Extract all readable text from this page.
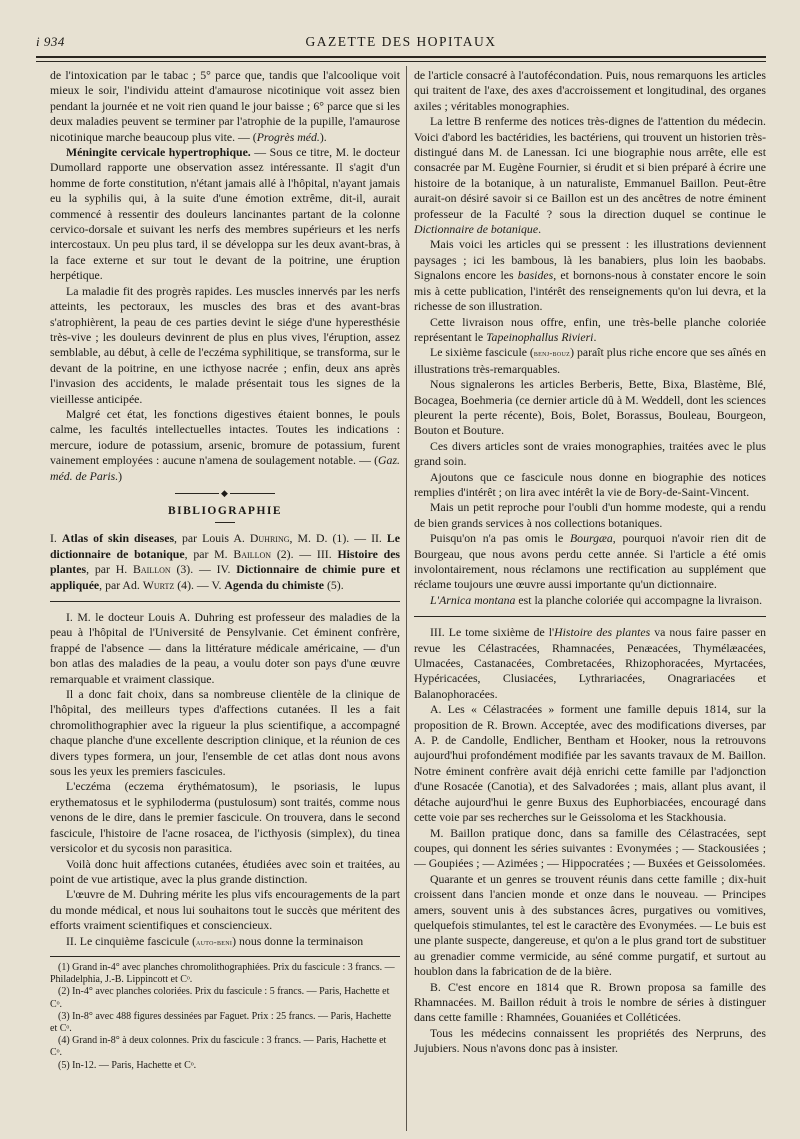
i 934	GAZETTE DES HOPITAUX

de l'intoxication par le tabac ; 5° parce que, tandis que l'alcoolique voit mieux le soir, l'individu atteint d'amaurose nicotinique voit assez bien pendant la journée et ne voit rien quand le jour baisse ; 6° parce que si les deux maladies peuvent se terminer par l'atrophie de la pupille, l'amaurose nicotinique marche beaucoup plus vite. — (Progrès méd.).

Méningite cervicale hypertrophique. — Sous ce titre, M. le docteur Dumollard rapporte une observation assez intéressante. Il s'agit d'un homme de forte constitution, n'étant jamais allé à l'hôpital, n'ayant jamais eu la syphilis qui, à la suite d'une émotion extrême, dit-il, aurait commencé à ressentir des douleurs lancinantes partant de la colonne cervico-dorsale et suivant les nerfs des membres supérieurs et les nerfs intercostaux. Un peu plus tard, il se développa sur les deux avant-bras, à la face externe et sur tout le devant de la poitrine, une éruption herpétique.

La maladie fit des progrès rapides. Les muscles innervés par les nerfs atteints, les pectoraux, les muscles des bras et des avant-bras s'atrophièrent, la peau de ces parties devint le siége d'une hyperesthésie très-vive ; les douleurs devinrent de plus en plus vives, l'éruption, assez semblable, au début, à celle de l'eczéma syphilitique, se transforma, sur le devant de la poitrine, en une icthyose nacrée ; enfin, deux ans après l'invasion des accidents, le malade présentait tous les signes de la vieillesse anticipée.

Malgré cet état, les fonctions digestives étaient bonnes, le pouls calme, les facultés intellectuelles intactes. Toutes les indications : mercure, iodure de potassium, arsenic, bromure de potassium, furent vainement employées : aucune n'amena de soulagement notable. — (Gaz. méd. de Paris.)

◆
BIBLIOGRAPHIE

I. Atlas of skin diseases, par Louis A. Duhring, M. D. (1). — II. Le dictionnaire de botanique, par M. Baillon (2). — III. Histoire des plantes, par H. Baillon (3). — IV. Dictionnaire de chimie pure et appliquée, par Ad. Wurtz (4). — V. Agenda du chimiste (5).

I. M. le docteur Louis A. Duhring est professeur des maladies de la peau à l'hôpital de l'Université de Pensylvanie. Cet éminent confrère, frappé de l'absence — dans la littérature médicale américaine, — d'un bon atlas des maladies de la peau, a voulu doter son pays d'une œuvre remarquable et vraiment classique.

Il a donc fait choix, dans sa nombreuse clientèle de la clinique de l'hôpital, des meilleurs types d'affections cutanées. Il les a fait chromolithographier avec la rigueur la plus scientifique, a accompagné chaque planche d'une excellente description clinique, et la réunion de ces divers types formera, un jour, l'ensemble de cet atlas dont nous avons sous les yeux les premiers fascicules.

L'eczéma (eczema érythématosum), le psoriasis, le lupus erythematosus et le syphiloderma (pustulosum) sont traités, comme nous venons de le dire, dans le premier fascicule. On trouvera, dans le second fascicule, l'histoire de l'acne rosacea, de l'icthyosis (simplex), du tinea versicolor et du sycosis non parasitica.

Voilà donc huit affections cutanées, étudiées avec soin et traitées, au point de vue artistique, avec la plus grande distinction.

L'œuvre de M. Duhring mérite les plus vifs encouragements de la part du monde médical, et nous lui souhaitons tout le succès que méritent des efforts vraiment scientifiques et consciencieux.

II. Le cinquième fascicule (auto-beni) nous donne la terminaison

(1) Grand in-4° avec planches chromolithographiées. Prix du fascicule : 3 francs. — Philadelphia, J.-B. Lippincott et Cᵒ.

(2) In-4° avec planches coloriées. Prix du fascicule : 5 francs. — Paris, Hachette et Cᵒ.

(3) In-8° avec 488 figures dessinées par Faguet. Prix : 25 francs. — Paris, Hachette et Cᵒ.

(4) Grand in-8° à deux colonnes. Prix du fascicule : 3 francs. — Paris, Hachette et Cᵒ.

(5) In-12. — Paris, Hachette et Cᵒ.

de l'article consacré à l'autofécondation. Puis, nous remarquons les articles qui traitent de l'axe, des axes d'accroissement et longitudinal, des organes axiles ; véritables monographies.

La lettre B renferme des notices très-dignes de l'attention du médecin. Voici d'abord les bactéridies, les bactériens, qui trouvent un historien très-distingué dans M. de Lanessan. Ici une biographie nous arrête, elle est consacrée par M. Eugène Fournier, si érudit et si bien préparé à écrire une histoire de la botanique, à un naturaliste, Emmanuel Baillon. Peut-être aurait-on désiré savoir si ce Baillon est un des ancêtres de notre éminent professeur de la Faculté ? sous la direction duquel se continue le Dictionnaire de botanique.

Mais voici les articles qui se pressent : les illustrations deviennent paysages ; ici les bambous, là les banabiers, plus loin les baobabs. Signalons encore les basides, et bornons-nous à constater encore le soin mis à cette publication, l'intérêt des renseignements qu'on lui devra, et la richesse de son illustration.

Cette livraison nous offre, enfin, une très-belle planche coloriée représentant le Tapeinophallus Rivieri.

Le sixième fascicule (benj-bouz) paraît plus riche encore que ses aînés en illustrations très-remarquables.

Nous signalerons les articles Berberis, Bette, Bixa, Blastème, Blé, Bocagea, Boehmeria (ce dernier article dû à M. Weddell, dont les sciences pleurent la perte récente), Bois, Bolet, Borassus, Bouleau, Bourgeon, Bouton et Bouture.

Ces divers articles sont de vraies monographies, traitées avec le plus grand soin.

Ajoutons que ce fascicule nous donne en biographie des notices remplies d'intérêt ; on lira avec intérêt la vie de Bory-de-Saint-Vincent.

Mais un petit reproche pour l'oubli d'un homme modeste, qui a rendu de bien grands services à nos collections botaniques.

Puisqu'on n'a pas omis le Bourgæa, pourquoi n'avoir rien dit de Bourgeau, que nous avons perdu cette année. Si l'article a été omis involontairement, nous réclamons une rectification au supplément que réclame toujours une œuvre aussi importante qu'un dictionnaire.

L'Arnica montana est la planche coloriée qui accompagne la livraison.

III. Le tome sixième de l'Histoire des plantes va nous faire passer en revue les Célastracées, Rhamnacées, Penæacées, Thymélæacées, Ulmacées, Castanacées, Combretacées, Rhizophoracées, Myrtacées, Hypéricacées, Clusiacées, Lythrariacées, Onagrariacées et Balanophoracées.

A. Les « Célastracées » forment une famille depuis 1814, sur la proposition de R. Brown. Acceptée, avec des modifications diverses, par A. P. de Candolle, Endlicher, Bentham et Hooker, nous la retrouvons aujourd'hui profondément modifiée par les savants travaux de M. Baillon. Notre éminent confrère avait déjà enrichi cette famille par l'adjonction d'une Rosacée (Canotia), et des Salvadorées ; mais, allant plus avant, il détache aujourd'hui le genre Buxus des Euphorbiacées, encouragé dans cette voie par ses recherches sur le Geissoloma et les Stackhousia.

M. Baillon pratique donc, dans sa famille des Célastracées, sept coupes, qui donnent les séries suivantes : Evonymées ; — Stackousiées ; — Goupiées ; — Azimées ; — Hippocratées ; — Buxées et Geissolomées.

Quarante et un genres se trouvent réunis dans cette famille ; dix-huit croissent dans l'ancien monde et onze dans le nouveau. — Principes amers, souvent unis à des substances âcres, purgatives ou vomitives, quelquefois stimulantes, tel est le caractère des Evonymées. — Le buis est une plante suspecte, dangereuse, et qu'on a le plus grand tort de substituer au grenadier comme vermicide, au séné comme purgatif, et surtout au houblon dans la fabrication de de la bière.

B. C'est encore en 1814 que R. Brown proposa sa famille des Rhamnacées. M. Baillon réduit à trois le nombre de séries à distinguer dans cette famille : Rhamnées, Gouaniées et Colléticées.

Tous les médecins connaissent les propriétés des Nerpruns, des Jujubiers. Nous n'avons donc pas à insister.
